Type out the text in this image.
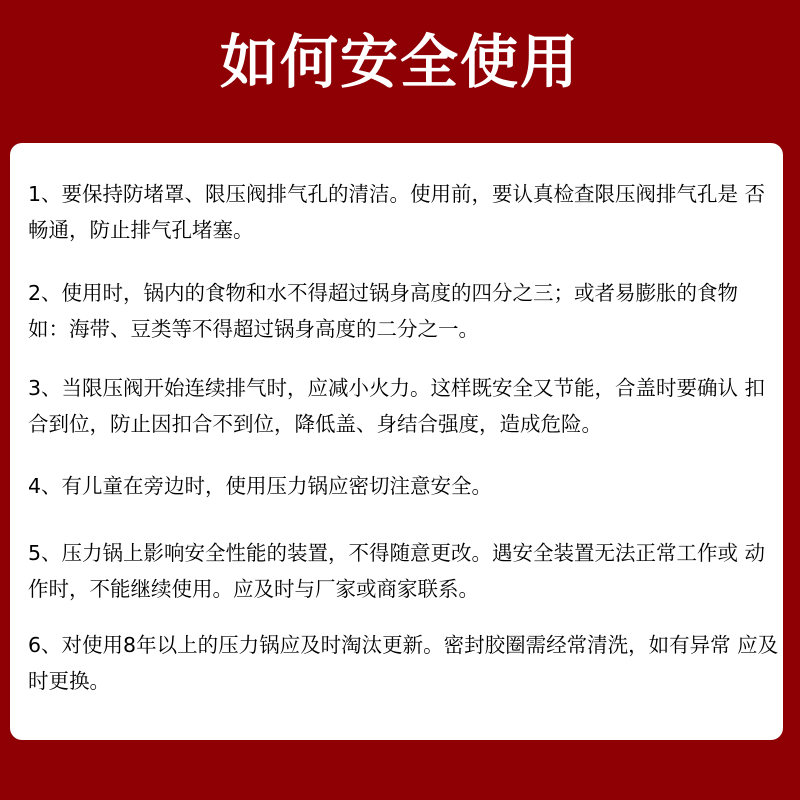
如何安全使用

1、要保持防堵罩、限压阀排气孔的清洁。使用前，要认真检查限压阀排气孔是 否畅通，防止排气孔堵塞。

2、使用时，锅内的食物和水不得超过锅身高度的四分之三；或者易膨胀的食物 如：海带、豆类等不得超过锅身高度的二分之一。

3、当限压阀开始连续排气时，应减小火力。这样既安全又节能，合盖时要确认 扣合到位，防止因扣合不到位，降低盖、身结合强度，造成危险。

4、有儿童在旁边时，使用压力锅应密切注意安全。

5、压力锅上影响安全性能的装置，不得随意更改。遇安全装置无法正常工作或 动作时，不能继续使用。应及时与厂家或商家联系。

6、对使用8年以上的压力锅应及时淘汰更新。密封胶圈需经常清洗，如有异常 应及时更换。
